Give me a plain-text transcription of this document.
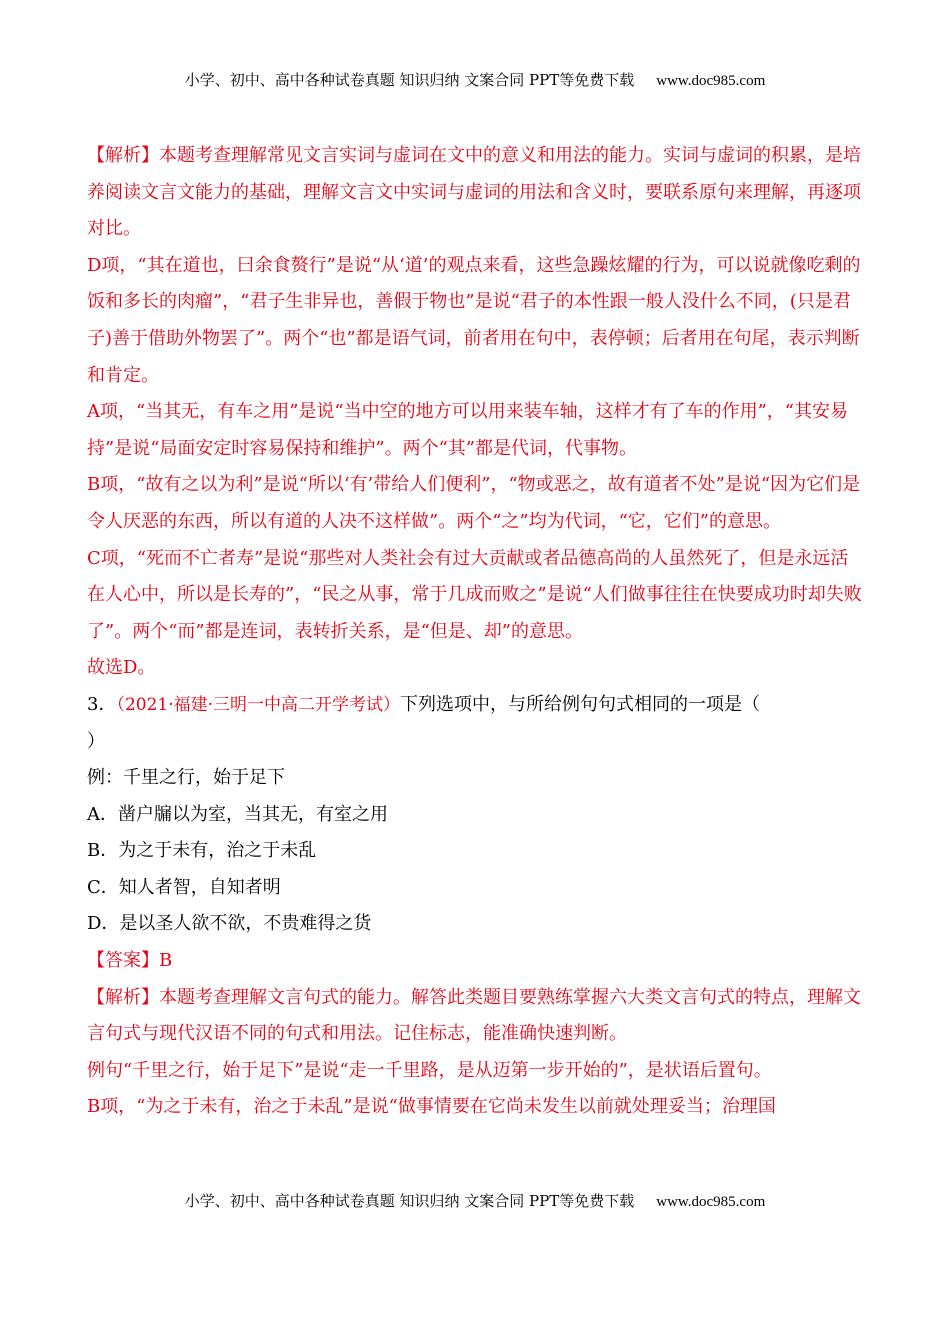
小学、初中、高中各种试卷真题 知识归纳 文案合同 PPT等免费下载 www.doc985.com

【解析】本题考查理解常见文言实词与虚词在文中的意义和用法的能力。实词与虚词的积累，是培养阅读文言文能力的基础，理解文言文中实词与虚词的用法和含义时，要联系原句来理解，再逐项对比。

D项，“其在道也，曰余食赘行”是说“从‘道’的观点来看，这些急躁炫耀的行为，可以说就像吃剩的饭和多长的肉瘤”，“君子生非异也，善假于物也”是说“君子的本性跟一般人没什么不同，(只是君子)善于借助外物罢了”。两个“也”都是语气词，前者用在句中，表停顿；后者用在句尾，表示判断和肯定。

A项，“当其无，有车之用”是说“当中空的地方可以用来装车轴，这样才有了车的作用”，“其安易持”是说“局面安定时容易保持和维护”。两个“其”都是代词，代事物。

B项，“故有之以为利”是说“所以‘有’带给人们便利”，“物或恶之，故有道者不处”是说“因为它们是令人厌恶的东西，所以有道的人决不这样做”。两个“之”均为代词，“它，它们”的意思。

C项，“死而不亡者寿”是说“那些对人类社会有过大贡献或者品德高尚的人虽然死了，但是永远活在人心中，所以是长寿的”，“民之从事，常于几成而败之”是说“人们做事往往在快要成功时却失败了”。两个“而”都是连词，表转折关系，是“但是、却”的意思。

故选D。

3．（2021·福建·三明一中高二开学考试）下列选项中，与所给例句句式相同的一项是（
）

例：千里之行，始于足下

A．凿户牖以为室，当其无，有室之用

B．为之于未有，治之于未乱

C．知人者智，自知者明

D．是以圣人欲不欲，不贵难得之货

【答案】B

【解析】本题考查理解文言句式的能力。解答此类题目要熟练掌握六大类文言句式的特点，理解文言句式与现代汉语不同的句式和用法。记住标志，能准确快速判断。

例句“千里之行，始于足下”是说“走一千里路，是从迈第一步开始的”，是状语后置句。

B项，“为之于未有，治之于未乱”是说“做事情要在它尚未发生以前就处理妥当；治理国

小学、初中、高中各种试卷真题 知识归纳 文案合同 PPT等免费下载 www.doc985.com
